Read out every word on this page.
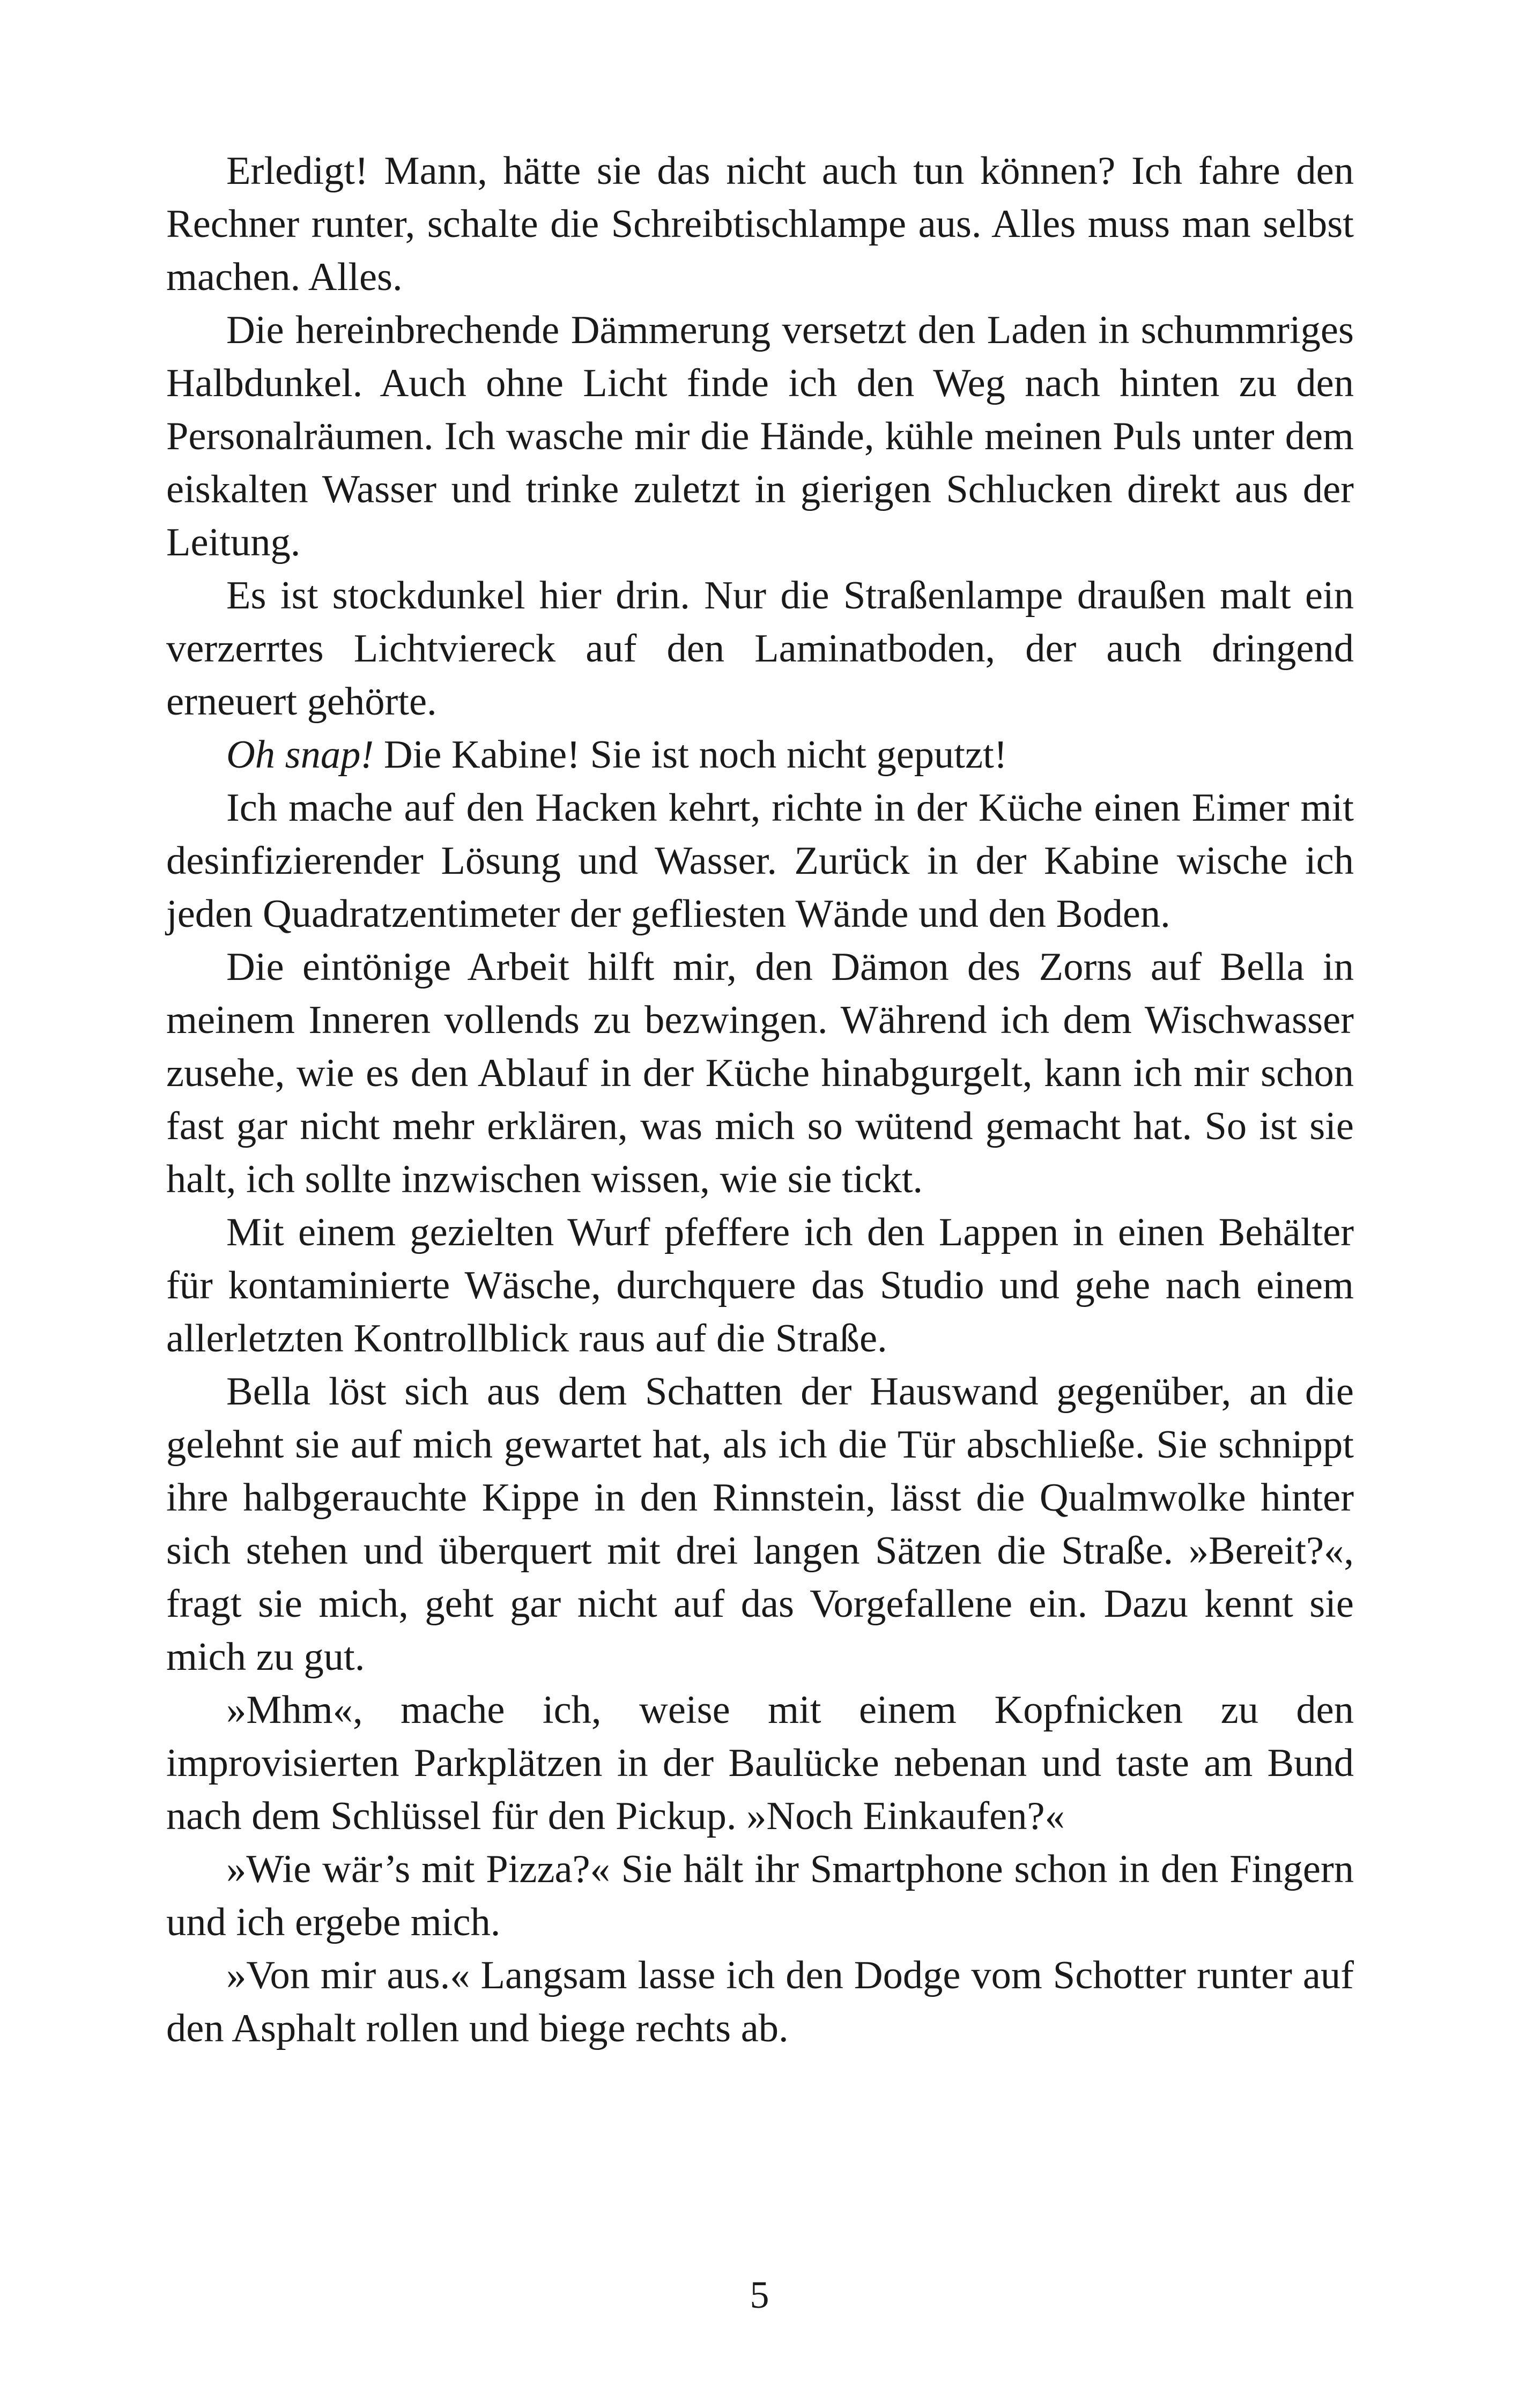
Erledigt! Mann, hätte sie das nicht auch tun können? Ich fahre den Rechner runter, schalte die Schreibtischlampe aus. Alles muss man selbst machen. Alles.

Die hereinbrechende Dämmerung versetzt den Laden in schummriges Halbdunkel. Auch ohne Licht finde ich den Weg nach hinten zu den Personalräumen. Ich wasche mir die Hände, kühle meinen Puls unter dem eiskalten Wasser und trinke zuletzt in gierigen Schlucken direkt aus der Leitung.

Es ist stockdunkel hier drin. Nur die Straßenlampe draußen malt ein verzerrtes Lichtviereck auf den Laminatboden, der auch dringend erneuert gehörte.

Oh snap! Die Kabine! Sie ist noch nicht geputzt!

Ich mache auf den Hacken kehrt, richte in der Küche einen Eimer mit desinfizierender Lösung und Wasser. Zurück in der Kabine wische ich jeden Quadratzentimeter der gefliesten Wände und den Boden.

Die eintönige Arbeit hilft mir, den Dämon des Zorns auf Bella in meinem Inneren vollends zu bezwingen. Während ich dem Wischwasser zusehe, wie es den Ablauf in der Küche hinabgurgelt, kann ich mir schon fast gar nicht mehr erklären, was mich so wütend gemacht hat. So ist sie halt, ich sollte inzwischen wissen, wie sie tickt.

Mit einem gezielten Wurf pfeffere ich den Lappen in einen Behälter für kontaminierte Wäsche, durchquere das Studio und gehe nach einem allerletzten Kontrollblick raus auf die Straße.

Bella löst sich aus dem Schatten der Hauswand gegenüber, an die gelehnt sie auf mich gewartet hat, als ich die Tür abschließe. Sie schnippt ihre halbgerauchte Kippe in den Rinnstein, lässt die Qualmwolke hinter sich stehen und überquert mit drei langen Sätzen die Straße. »Bereit?«, fragt sie mich, geht gar nicht auf das Vorgefallene ein. Dazu kennt sie mich zu gut.

»Mhm«, mache ich, weise mit einem Kopfnicken zu den improvisierten Parkplätzen in der Baulücke nebenan und taste am Bund nach dem Schlüssel für den Pickup. »Noch Einkaufen?«

»Wie wär’s mit Pizza?« Sie hält ihr Smartphone schon in den Fingern und ich ergebe mich.

»Von mir aus.« Langsam lasse ich den Dodge vom Schotter runter auf den Asphalt rollen und biege rechts ab.

5
